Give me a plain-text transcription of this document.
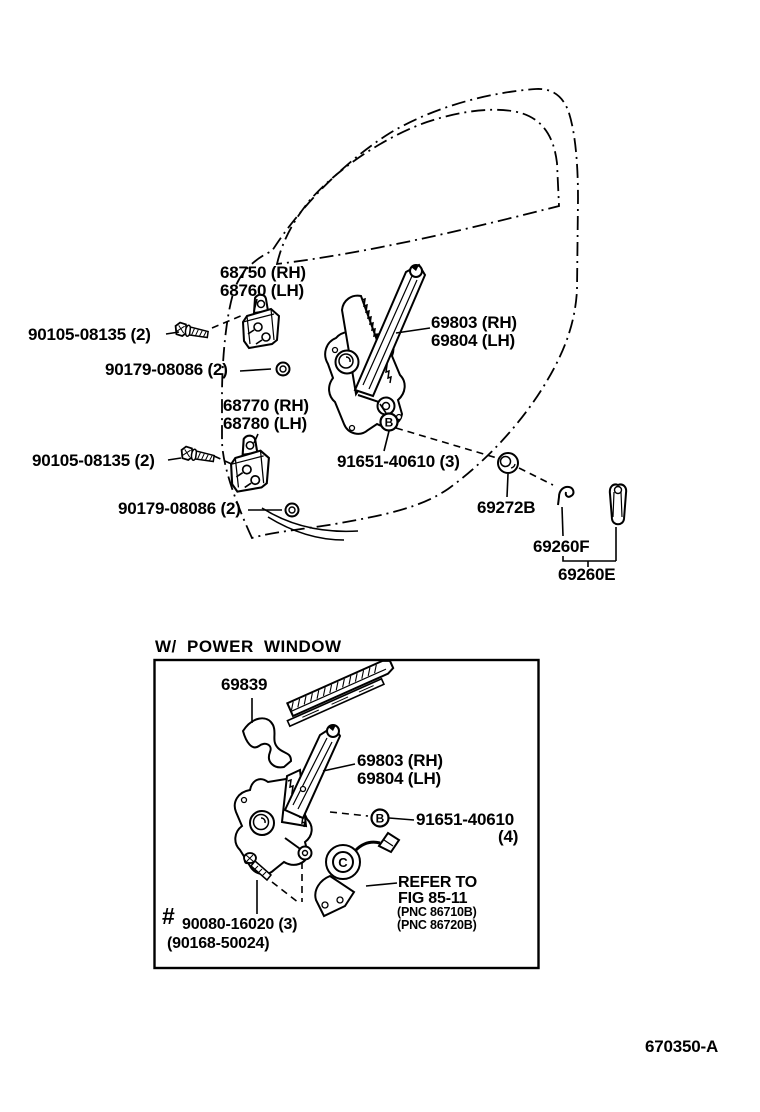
B
C
B
68750 (RH)
68760 (LH)
90105-08135 (2)
90179-08086 (2)
68770 (RH)
68780 (LH)
90105-08135 (2)
90179-08086 (2)
69803 (RH)
69804 (LH)
91651-40610 (3)
69272B
69260F
69260E
W/ POWER WINDOW
69839
69803 (RH)
69804 (LH)
91651-40610
(4)
REFER TO
FIG 85-11
(PNC 86710B)
(PNC 86720B)
# 90080-16020 (3)
(90168-50024)
670350-A
